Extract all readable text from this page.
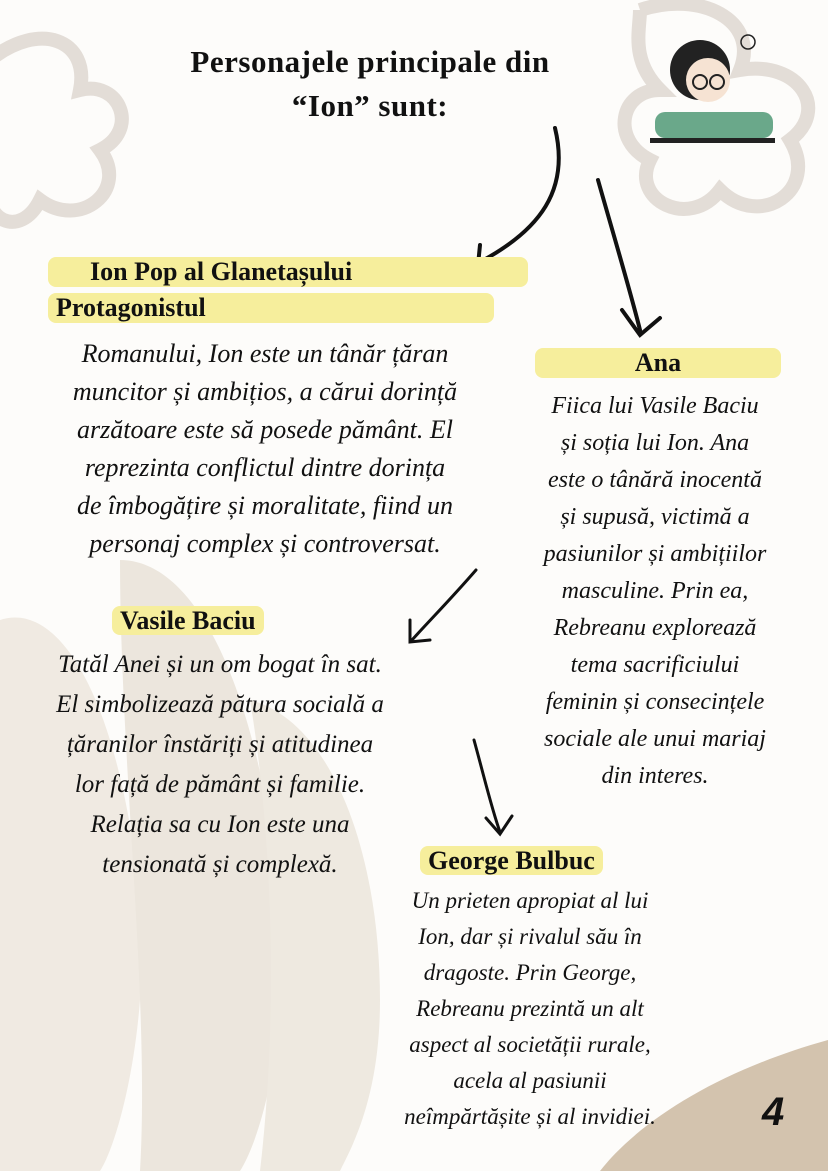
Personajele principale din
“Ion” sunt:
Ion Pop al Glanetașului
Protagonistul
Romanului, Ion este un tânăr țăran
muncitor și ambițios, a cărui dorință
arzătoare este să posede pământ. El
reprezinta conflictul dintre dorința
de îmbogățire și moralitate, fiind un
personaj complex și controversat.
Ana
Fiica lui Vasile Baciu
și soția lui Ion. Ana
este o tânără inocentă
și supusă, victimă a
pasiunilor și ambițiilor
masculine. Prin ea,
Rebreanu explorează
tema sacrificiului
feminin și consecințele
sociale ale unui mariaj
din interes.
Vasile Baciu
Tatăl Anei și un om bogat în sat.
El simbolizează pătura socială a
țăranilor înstăriți și atitudinea
lor față de pământ și familie.
Relația sa cu Ion este una
tensionată și complexă.	George Bulbuc
Un prieten apropiat al lui
Ion, dar și rivalul său în
dragoste. Prin George,
Rebreanu prezintă un alt
aspect al societății rurale,
acela al pasiunii
neîmpărtășite și al invidiei.	4
